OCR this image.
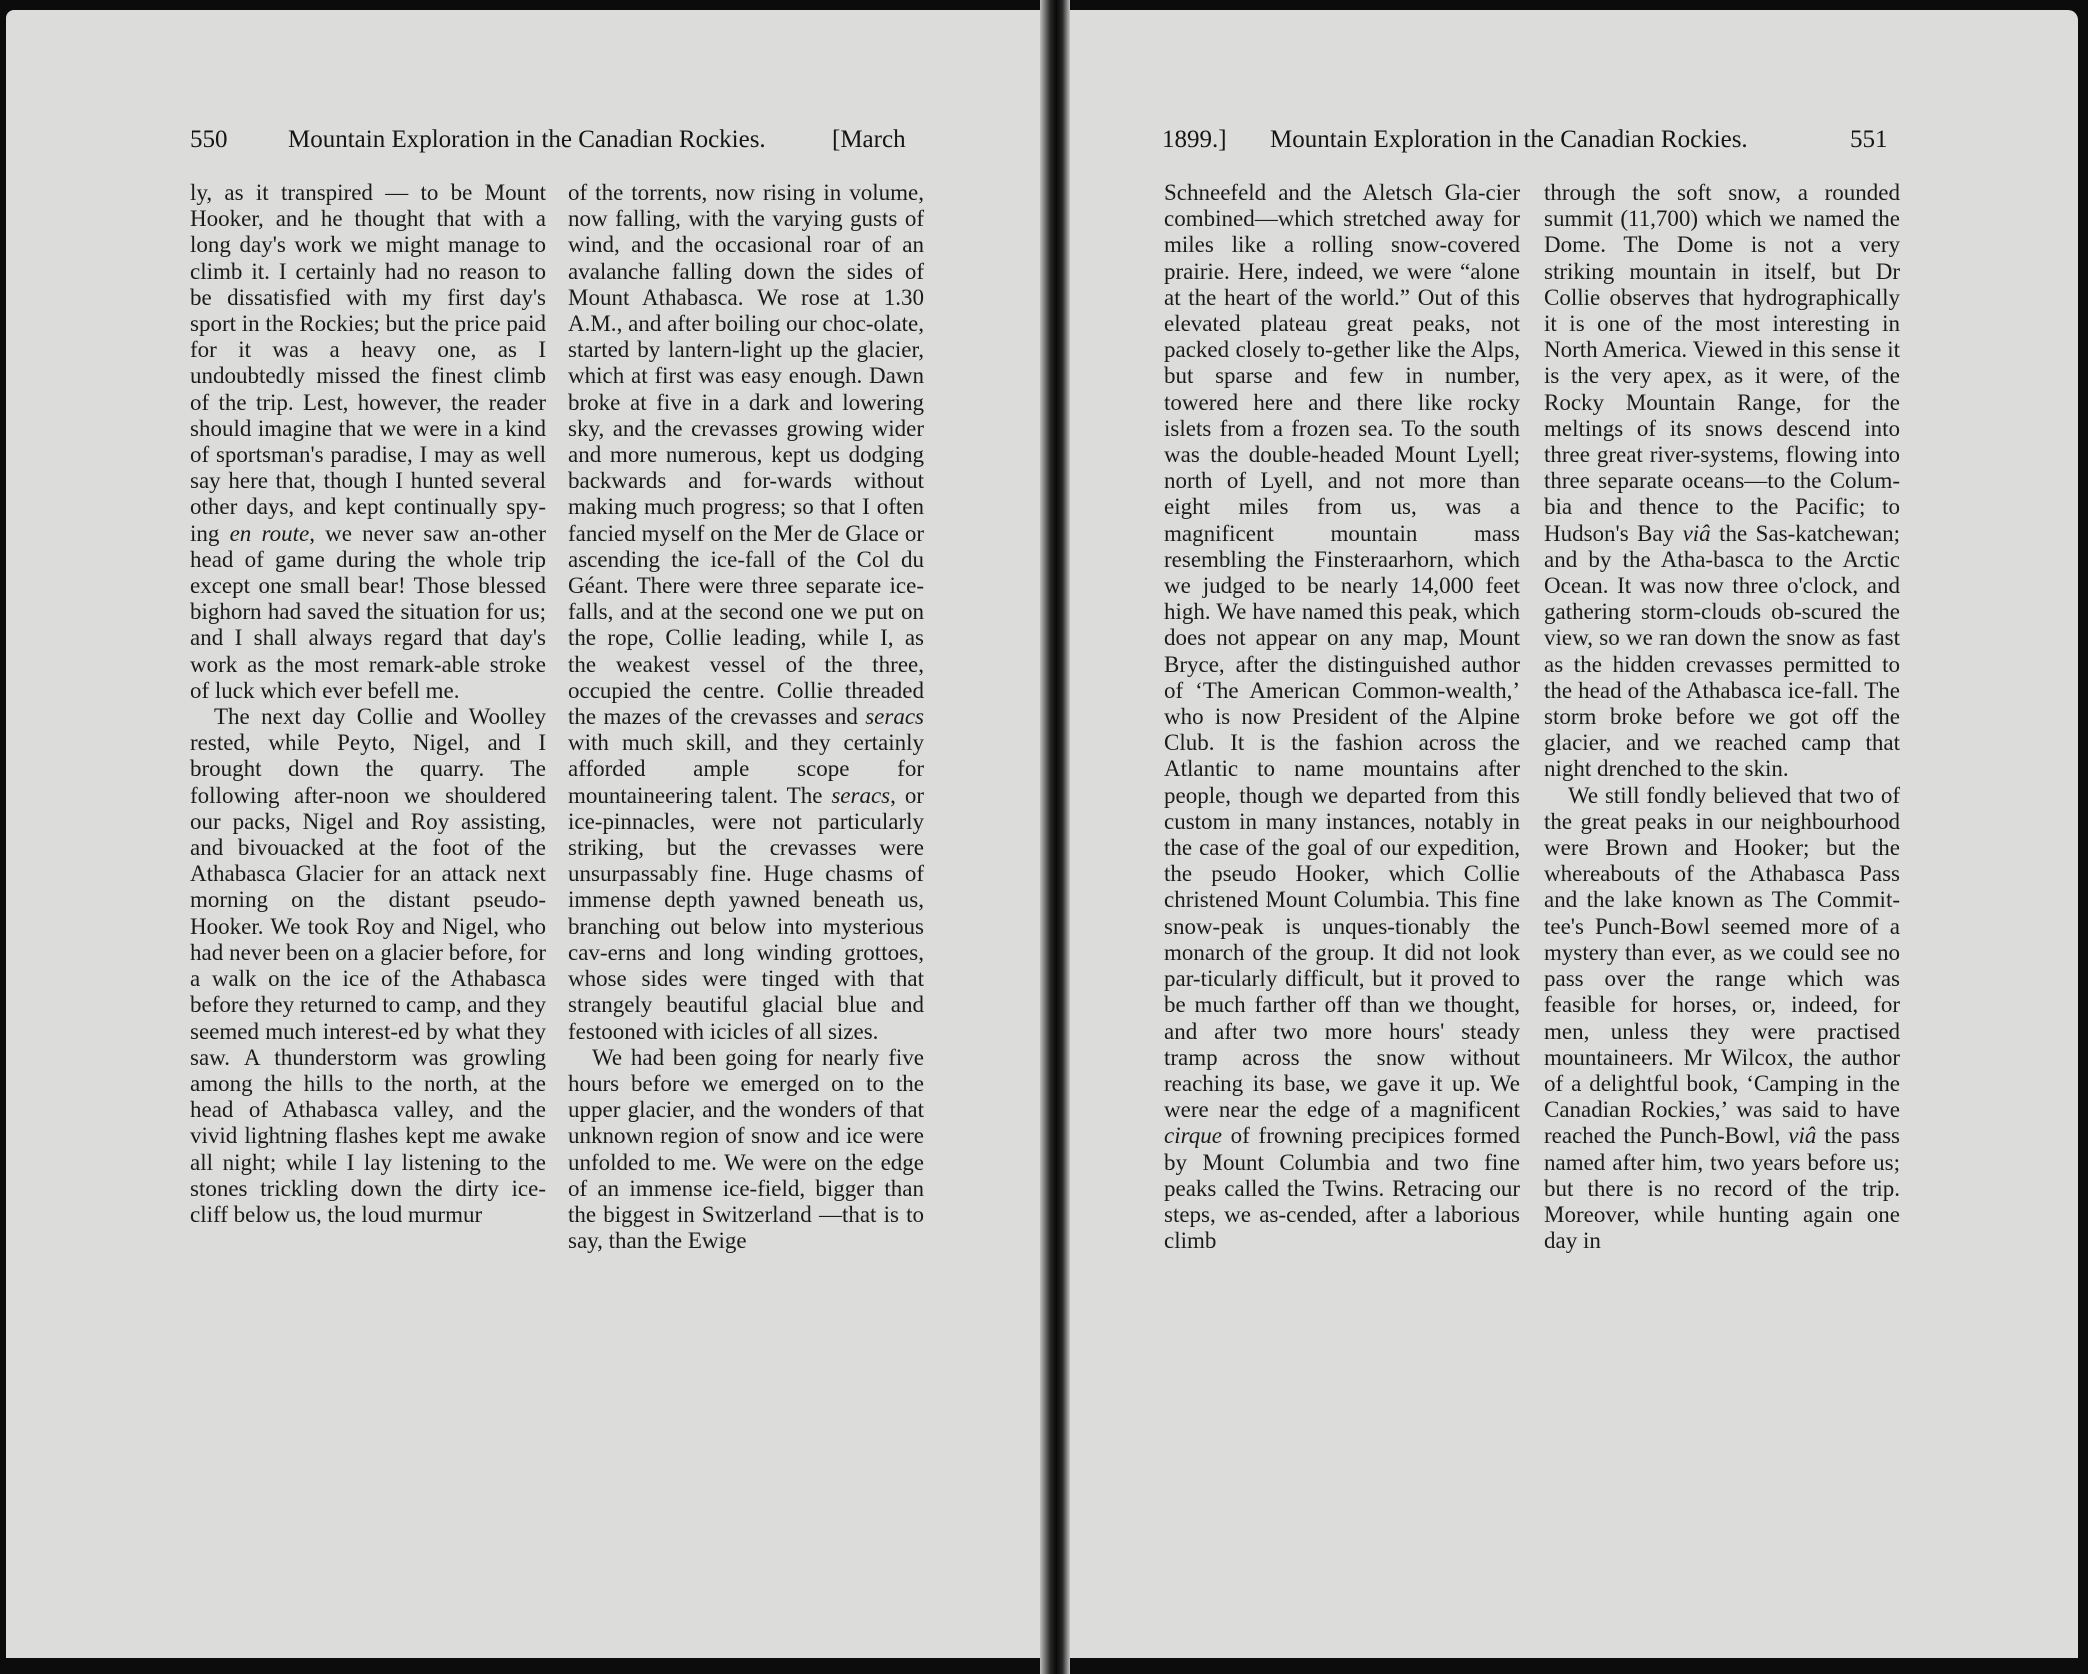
550 Mountain Exploration in the Canadian Rockies.	[March

ly, as it transpired — to be Mount Hooker, and he thought that with a long day's work we might manage to climb it. I certainly had no reason to be dissatisfied with my first day's sport in the Rockies; but the price paid for it was a heavy one, as I undoubtedly missed the finest climb of the trip. Lest, however, the reader should imagine that we were in a kind of sportsman's paradise, I may as well say here that, though I hunted several other days, and kept continually spy-ing en route, we never saw an-other head of game during the whole trip except one small bear! Those blessed bighorn had saved the situation for us; and I shall always regard that day's work as the most remark-able stroke of luck which ever befell me.

The next day Collie and Woolley rested, while Peyto, Nigel, and I brought down the quarry. The following after-noon we shouldered our packs, Nigel and Roy assisting, and bivouacked at the foot of the Athabasca Glacier for an attack next morning on the distant pseudo-Hooker. We took Roy and Nigel, who had never been on a glacier before, for a walk on the ice of the Athabasca before they returned to camp, and they seemed much interest-ed by what they saw. A thunderstorm was growling among the hills to the north, at the head of Athabasca valley, and the vivid lightning flashes kept me awake all night; while I lay listening to the stones trickling down the dirty ice-cliff below us, the loud murmur

of the torrents, now rising in volume, now falling, with the varying gusts of wind, and the occasional roar of an avalanche falling down the sides of Mount Athabasca. We rose at 1.30 A.M., and after boiling our choc-olate, started by lantern-light up the glacier, which at first was easy enough. Dawn broke at five in a dark and lowering sky, and the crevasses growing wider and more numerous, kept us dodging backwards and for-wards without making much progress; so that I often fancied myself on the Mer de Glace or ascending the ice-fall of the Col du Géant. There were three separate ice-falls, and at the second one we put on the rope, Collie leading, while I, as the weakest vessel of the three, occupied the centre. Collie threaded the mazes of the crevasses and seracs with much skill, and they certainly afforded ample scope for mountaineering talent. The seracs, or ice-pinnacles, were not particularly striking, but the crevasses were unsurpassably fine. Huge chasms of immense depth yawned beneath us, branching out below into mysterious cav-erns and long winding grottoes, whose sides were tinged with that strangely beautiful glacial blue and festooned with icicles of all sizes.

We had been going for nearly five hours before we emerged on to the upper glacier, and the wonders of that unknown region of snow and ice were unfolded to me. We were on the edge of an immense ice-field, bigger than the biggest in Switzerland —that is to say, than the Ewige

1899.] Mountain Exploration in the Canadian Rockies.	551

Schneefeld and the Aletsch Gla-cier combined—which stretched away for miles like a rolling snow-covered prairie. Here, indeed, we were “alone at the heart of the world.” Out of this elevated plateau great peaks, not packed closely to-gether like the Alps, but sparse and few in number, towered here and there like rocky islets from a frozen sea. To the south was the double-headed Mount Lyell; north of Lyell, and not more than eight miles from us, was a magnificent mountain mass resembling the Finsteraarhorn, which we judged to be nearly 14,000 feet high. We have named this peak, which does not appear on any map, Mount Bryce, after the distinguished author of ‘The American Common-wealth,’ who is now President of the Alpine Club. It is the fashion across the Atlantic to name mountains after people, though we departed from this custom in many instances, notably in the case of the goal of our expedition, the pseudo Hooker, which Collie christened Mount Columbia. This fine snow-peak is unques-tionably the monarch of the group. It did not look par-ticularly difficult, but it proved to be much farther off than we thought, and after two more hours' steady tramp across the snow without reaching its base, we gave it up. We were near the edge of a magnificent cirque of frowning precipices formed by Mount Columbia and two fine peaks called the Twins. Retracing our steps, we as-cended, after a laborious climb

through the soft snow, a rounded summit (11,700) which we named the Dome. The Dome is not a very striking mountain in itself, but Dr Collie observes that hydrographically it is one of the most interesting in North America. Viewed in this sense it is the very apex, as it were, of the Rocky Mountain Range, for the meltings of its snows descend into three great river-systems, flowing into three separate oceans—to the Colum-bia and thence to the Pacific; to Hudson's Bay viâ the Sas-katchewan; and by the Atha-basca to the Arctic Ocean. It was now three o'clock, and gathering storm-clouds ob-scured the view, so we ran down the snow as fast as the hidden crevasses permitted to the head of the Athabasca ice-fall. The storm broke before we got off the glacier, and we reached camp that night drenched to the skin.

We still fondly believed that two of the great peaks in our neighbourhood were Brown and Hooker; but the whereabouts of the Athabasca Pass and the lake known as The Commit-tee's Punch-Bowl seemed more of a mystery than ever, as we could see no pass over the range which was feasible for horses, or, indeed, for men, unless they were practised mountaineers. Mr Wilcox, the author of a delightful book, ‘Camping in the Canadian Rockies,’ was said to have reached the Punch-Bowl, viâ the pass named after him, two years before us; but there is no record of the trip. Moreover, while hunting again one day in
